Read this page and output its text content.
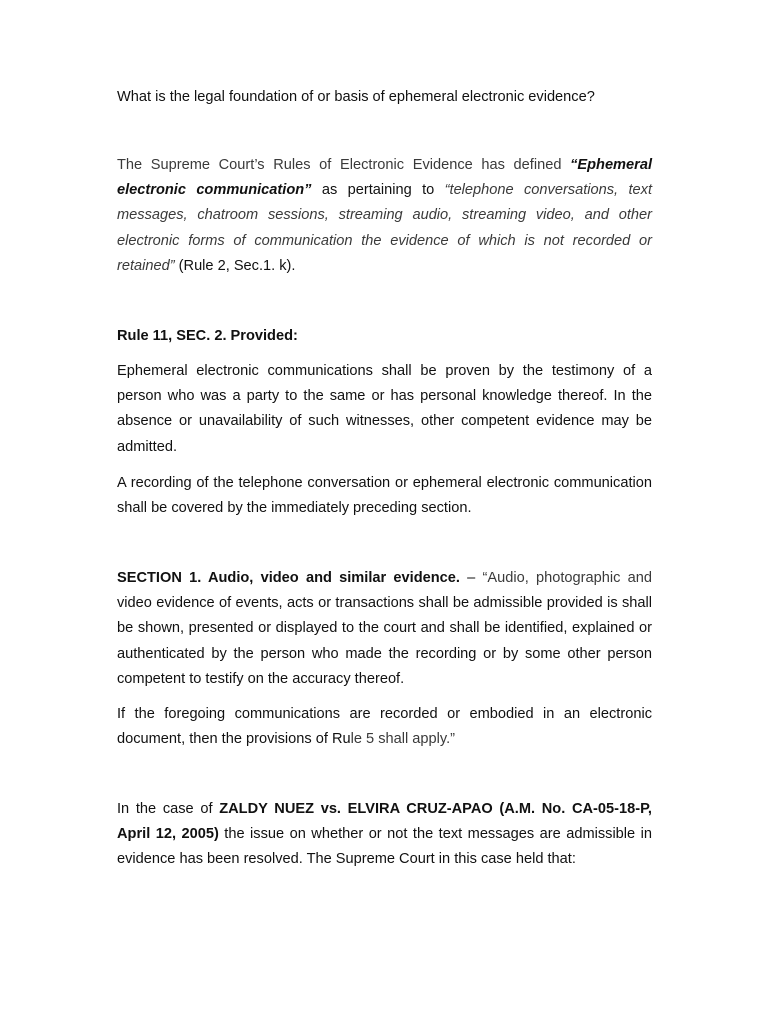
What is the legal foundation of or basis of ephemeral electronic evidence?

The Supreme Court’s Rules of Electronic Evidence has defined “Ephemeral electronic communication” as pertaining to “telephone conversations, text messages, chatroom sessions, streaming audio, streaming video, and other electronic forms of communication the evidence of which is not recorded or retained” (Rule 2, Sec.1. k).

Rule 11, SEC. 2. Provided:

Ephemeral electronic communications shall be proven by the testimony of a person who was a party to the same or has personal knowledge thereof. In the absence or unavailability of such witnesses, other competent evidence may be admitted.

A recording of the telephone conversation or ephemeral electronic communication shall be covered by the immediately preceding section.

SECTION 1. Audio, video and similar evidence. – “Audio, photographic and video evidence of events, acts or transactions shall be admissible provided is shall be shown, presented or displayed to the court and shall be identified, explained or authenticated by the person who made the recording or by some other person competent to testify on the accuracy thereof.

If the foregoing communications are recorded or embodied in an electronic document, then the provisions of Rule 5 shall apply.”

In the case of ZALDY NUEZ vs. ELVIRA CRUZ-APAO (A.M. No. CA-05-18-P, April 12, 2005) the issue on whether or not the text messages are admissible in evidence has been resolved. The Supreme Court in this case held that:
